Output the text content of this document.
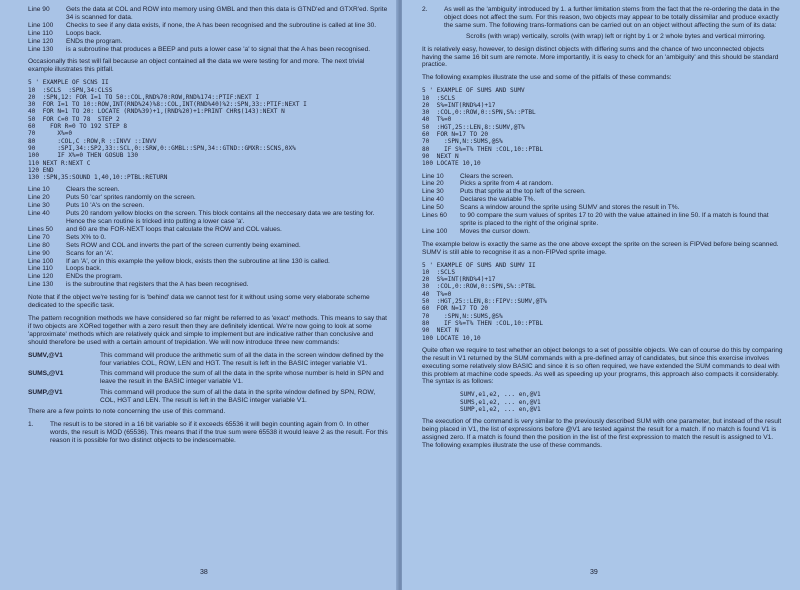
Line 90	Gets the data at COL and ROW into memory using GMBL and then this data is GTND'ed and GTXR'ed. Sprite 34 is scanned for data.
Line 100	Checks to see if any data exists, if none, the A has been recognised and the subroutine is called at line 30.
Line 110	Loops back.
Line 120	ENDs the program.
Line 130	is a subroutine that produces a BEEP and puts a lower case 'a' to signal that the A has been recognised.

Occasionally this test will fail because an object contained all the data we were testing for and more. The next trivial example illustrates this pitfall.

5 ' EXAMPLE OF SCNS II
10  :SCLS  :SPN,34:CLSS
20  :SPN,12: FOR I=1 TO 50::COL,RND%70:ROW,RND%174::PTIF:NEXT I
30  FOR I=1 TO 10::ROW,INT(RND%24)%8::COL,INT(RND%40)%2::SPN,33::PTIF:NEXT I
40  FOR N=1 TO 20: LOCATE (RND%39)+1,(RND%20)+1:PRINT CHR$(143):NEXT N
50  FOR C=0 TO 78  STEP 2
60    FOR R=0 TO 192 STEP 8
70      X%=0
80      :COL,C :ROW,R ::INVV ::INVV
90      :SPI,34::SP2,33::SCL,0::SRW,0::GMBL::SPN,34::GTND::GMXR::SCNS,0X%
100     IF X%=0 THEN GOSUB 130
110 NEXT R:NEXT C
120 END
130 :SPN,35:SOUND 1,40,10::PTBL:RETURN
Line 10	Clears the screen.
Line 20	Puts 50 'car' sprites randomly on the screen.
Line 30	Puts 10 'A's on the screen.
Line 40	Puts 20 random yellow blocks on the screen. This block contains all the neccesary data we are testing for. Hence the scan routine is tricked into putting a lower case 'a'.
Lines 50	and 60 are the FOR-NEXT loops that calculate the ROW and COL values.
Line 70	Sets X% to 0.
Line 80	Sets ROW and COL and inverts the part of the screen currently being examined.
Line 90	Scans for an 'A'.
Line 100	If an 'A', or in this example the yellow block, exists then the subroutine at line 130 is called.
Line 110	Loops back.
Line 120	ENDs the program.
Line 130	is the subroutine that registers that the A has been recognised.

Note that if the object we're testing for is 'behind' data we cannot test for it without using some very elaborate scheme dedicated to the specific task.

The pattern recognition methods we have considered so far might be referred to as 'exact' methods. This means to say that if two objects are XORed together with a zero result then they are definitely identical. We're now going to look at some 'approximate' methods which are relatively quick and simple to implement but are indicative rather than conclusive and should therefore be used with a certain amount of trepidation. We will now introduce three new commands:

SUMV,@V1	This command will produce the arithmetic sum of all the data in the screen window defined by the four variables COL, ROW, LEN and HGT. The result is left in the BASIC integer variable V1.
SUMS,@V1	This command will produce the sum of all the data in the sprite whose number is held in SPN and leave the result in the BASIC integer variable V1.
SUMP,@V1	This command will produce the sum of all the data in the sprite window defined by SPN, ROW, COL, HGT and LEN. The result is left in the BASIC integer variable V1.

There are a few points to note concerning the use of this command.

1.	The result is to be stored in a 16 bit variable so if it exceeds 65536 it will begin counting again from 0. In other words, the result is MOD (65536). This means that if the true sum were 65538 it would leave 2 as the result. For this reason it is possible for two distinct objects to be indescernable.
38
2.	As well as the 'ambiguity' introduced by 1. a further limitation stems from the fact that the re-ordering the data in the object does not affect the sum. For this reason, two objects may appear to be totally dissimilar and produce exactly the same sum. The following trans-formations can be carried out on an object without affecting the sum of its data:
Scrolls (with wrap) vertically, scrolls (with wrap) left or right by 1 or 2 whole bytes and vertical mirroring.

It is relatively easy, however, to design distinct objects with differing sums and the chance of two unconnected objects having the same 16 bit sum are remote. More importantly, it is easy to check for an 'ambiguity' and this should be standard practice.

The following examples illustrate the use and some of the pitfalls of these commands:

5 ' EXAMPLE OF SUMS AND SUMV
10  :SCLS
20  S%=INT(RND%4)+17
30  :COL,0::ROW,0::SPN,S%::PTBL
40  T%=0
50  :HGT,25::LEN,8::SUMV,@T%
60  FOR N=17 TO 20
70    :SPN,N::SUMS,@S%
80    IF S%=T% THEN :COL,10::PTBL
90  NEXT N
100 LOCATE 10,10
Line 10	Clears the screen.
Line 20	Picks a sprite from 4 at random.
Line 30	Puts that sprite at the top left of the screen.
Line 40	Declares the variable T%.
Line 50	Scans a window around the sprite using SUMV and stores the result in T%.
Lines 60	to 90 compare the sum values of sprites 17 to 20 with the value attained in line 50. If a match is found that sprite is placed to the right of the original sprite.
Line 100	Moves the cursor down.

The example below is exactly the same as the one above except the sprite on the screen is FIPVed before being scanned. SUMV is still able to recognise it as a non-FIPVed sprite image.

5 ' EXAMPLE OF SUMS AND SUMV II
10  :SCLS
20  S%=INT(RND%4)+17
30  :COL,0::ROW,0::SPN,S%::PTBL
40  T%=0
50  :HGT,25::LEN,8::FIPV::SUMV,@T%
60  FOR N=17 TO 20
70    :SPN,N::SUMS,@S%
80    IF S%=T% THEN :COL,10::PTBL
90  NEXT N
100 LOCATE 10,10

Quite often we require to test whether an object belongs to a set of possible objects. We can of course do this by comparing the result in V1 returned by the SUM commands with a pre-defined array of candidates, but since this exercise involves executing some relatively slow BASIC and since it is so often required, we have extended the SUM commands to deal with this problem at machine code speeds. As well as speeding up your programs, this approach also compacts it considerably. The syntax is as follows:

SUMV,e1,e2, ... en,@V1
SUMS,e1,e2, ... en,@V1
SUMP,e1,e2, ... en,@V1

The execution of the command is very similar to the previously described SUM with one parameter, but instead of the result being placed in V1, the list of expressions before @V1 are tested against the result for a match. If no match is found V1 is assigned zero. If a match is found then the position in the list of the first expression to match the result is assigned to V1. The following examples illustrate the use of these commands.

39
